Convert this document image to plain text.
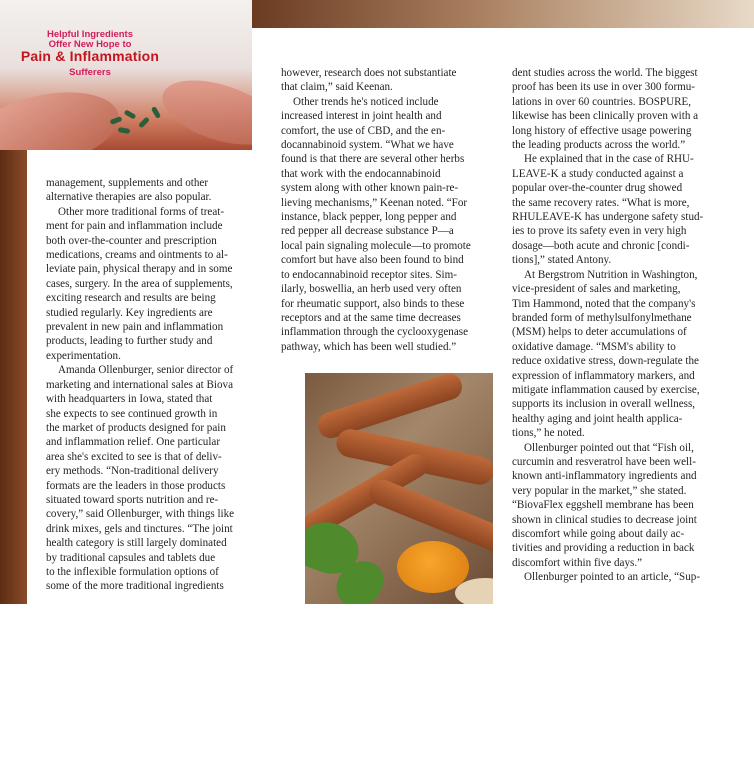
Helpful Ingredients
Offer New Hope to
Pain & Inflammation
Sufferers

management, supplements and other
alternative therapies are also popular.

Other more traditional forms of treat-
ment for pain and inflammation include
both over-the-counter and prescription
medications, creams and ointments to al-
leviate pain, physical therapy and in some
cases, surgery. In the area of supplements,
exciting research and results are being
studied regularly. Key ingredients are
prevalent in new pain and inflammation
products, leading to further study and
experimentation.

Amanda Ollenburger, senior director of
marketing and international sales at Biova
with headquarters in Iowa, stated that
she expects to see continued growth in
the market of products designed for pain
and inflammation relief. One particular
area she's excited to see is that of deliv-
ery methods. “Non-traditional delivery
formats are the leaders in those products
situated toward sports nutrition and re-
covery,” said Ollenburger, with things like
drink mixes, gels and tinctures. “The joint
health category is still largely dominated
by traditional capsules and tablets due
to the inflexible formulation options of
some of the more traditional ingredients

however, research does not substantiate
that claim,” said Keenan.

Other trends he's noticed include
increased interest in joint health and
comfort, the use of CBD, and the en-
docannabinoid system. “What we have
found is that there are several other herbs
that work with the endocannabinoid
system along with other known pain-re-
lieving mechanisms,” Keenan noted. “For
instance, black pepper, long pepper and
red pepper all decrease substance P—a
local pain signaling molecule—to promote
comfort but have also been found to bind
to endocannabinoid receptor sites. Sim-
ilarly, boswellia, an herb used very often
for rheumatic support, also binds to these
receptors and at the same time decreases
inflammation through the cyclooxygenase
pathway, which has been well studied.”

dent studies across the world. The biggest
proof has been its use in over 300 formu-
lations in over 60 countries. BOSPURE,
likewise has been clinically proven with a
long history of effective usage powering
the leading products across the world.”

He explained that in the case of RHU-
LEAVE-K a study conducted against a
popular over-the-counter drug showed
the same recovery rates. “What is more,
RHULEAVE-K has undergone safety stud-
ies to prove its safety even in very high
dosage—both acute and chronic [condi-
tions],” stated Antony.

At Bergstrom Nutrition in Washington,
vice-president of sales and marketing,
Tim Hammond, noted that the company's
branded form of methylsulfonylmethane
(MSM) helps to deter accumulations of
oxidative damage. “MSM's ability to
reduce oxidative stress, down-regulate the
expression of inflammatory markers, and
mitigate inflammation caused by exercise,
supports its inclusion in overall wellness,
healthy aging and joint health applica-
tions,” he noted.

Ollenburger pointed out that “Fish oil,
curcumin and resveratrol have been well-
known anti-inflammatory ingredients and
very popular in the market,” she stated.
“BiovaFlex eggshell membrane has been
shown in clinical studies to decrease joint
discomfort while going about daily ac-
tivities and providing a reduction in back
discomfort within five days.”

Ollenburger pointed to an article, “Sup-
